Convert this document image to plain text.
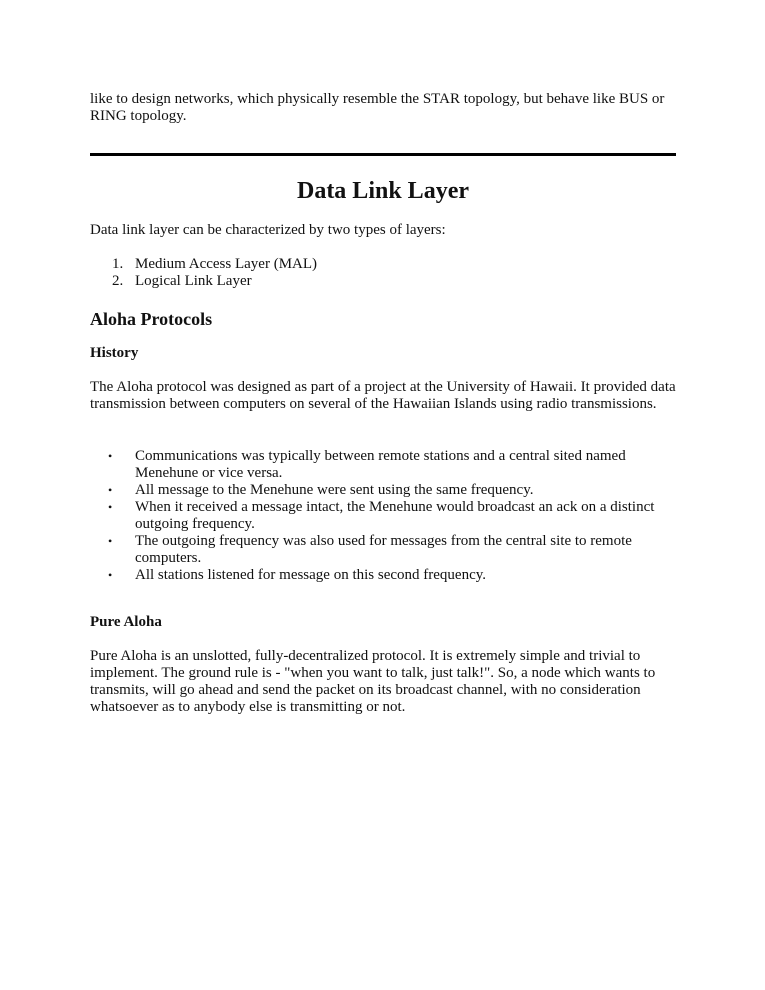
like to design networks, which physically resemble the STAR topology, but behave like BUS or RING topology.

Data Link Layer

Data link layer can be characterized by two types of layers:

1. Medium Access Layer (MAL)
2. Logical Link Layer
Aloha Protocols
History

The Aloha protocol was designed as part of a project at the University of Hawaii. It provided data transmission between computers on several of the Hawaiian Islands using radio transmissions.

• Communications was typically between remote stations and a central sited named Menehune or vice versa.
• All message to the Menehune were sent using the same frequency.
• When it received a message intact, the Menehune would broadcast an ack on a distinct outgoing frequency.
• The outgoing frequency was also used for messages from the central site to remote computers.
• All stations listened for message on this second frequency.
Pure Aloha

Pure Aloha is an unslotted, fully-decentralized protocol. It is extremely simple and trivial to implement. The ground rule is - "when you want to talk, just talk!". So, a node which wants to transmits, will go ahead and send the packet on its broadcast channel, with no consideration whatsoever as to anybody else is transmitting or not.
